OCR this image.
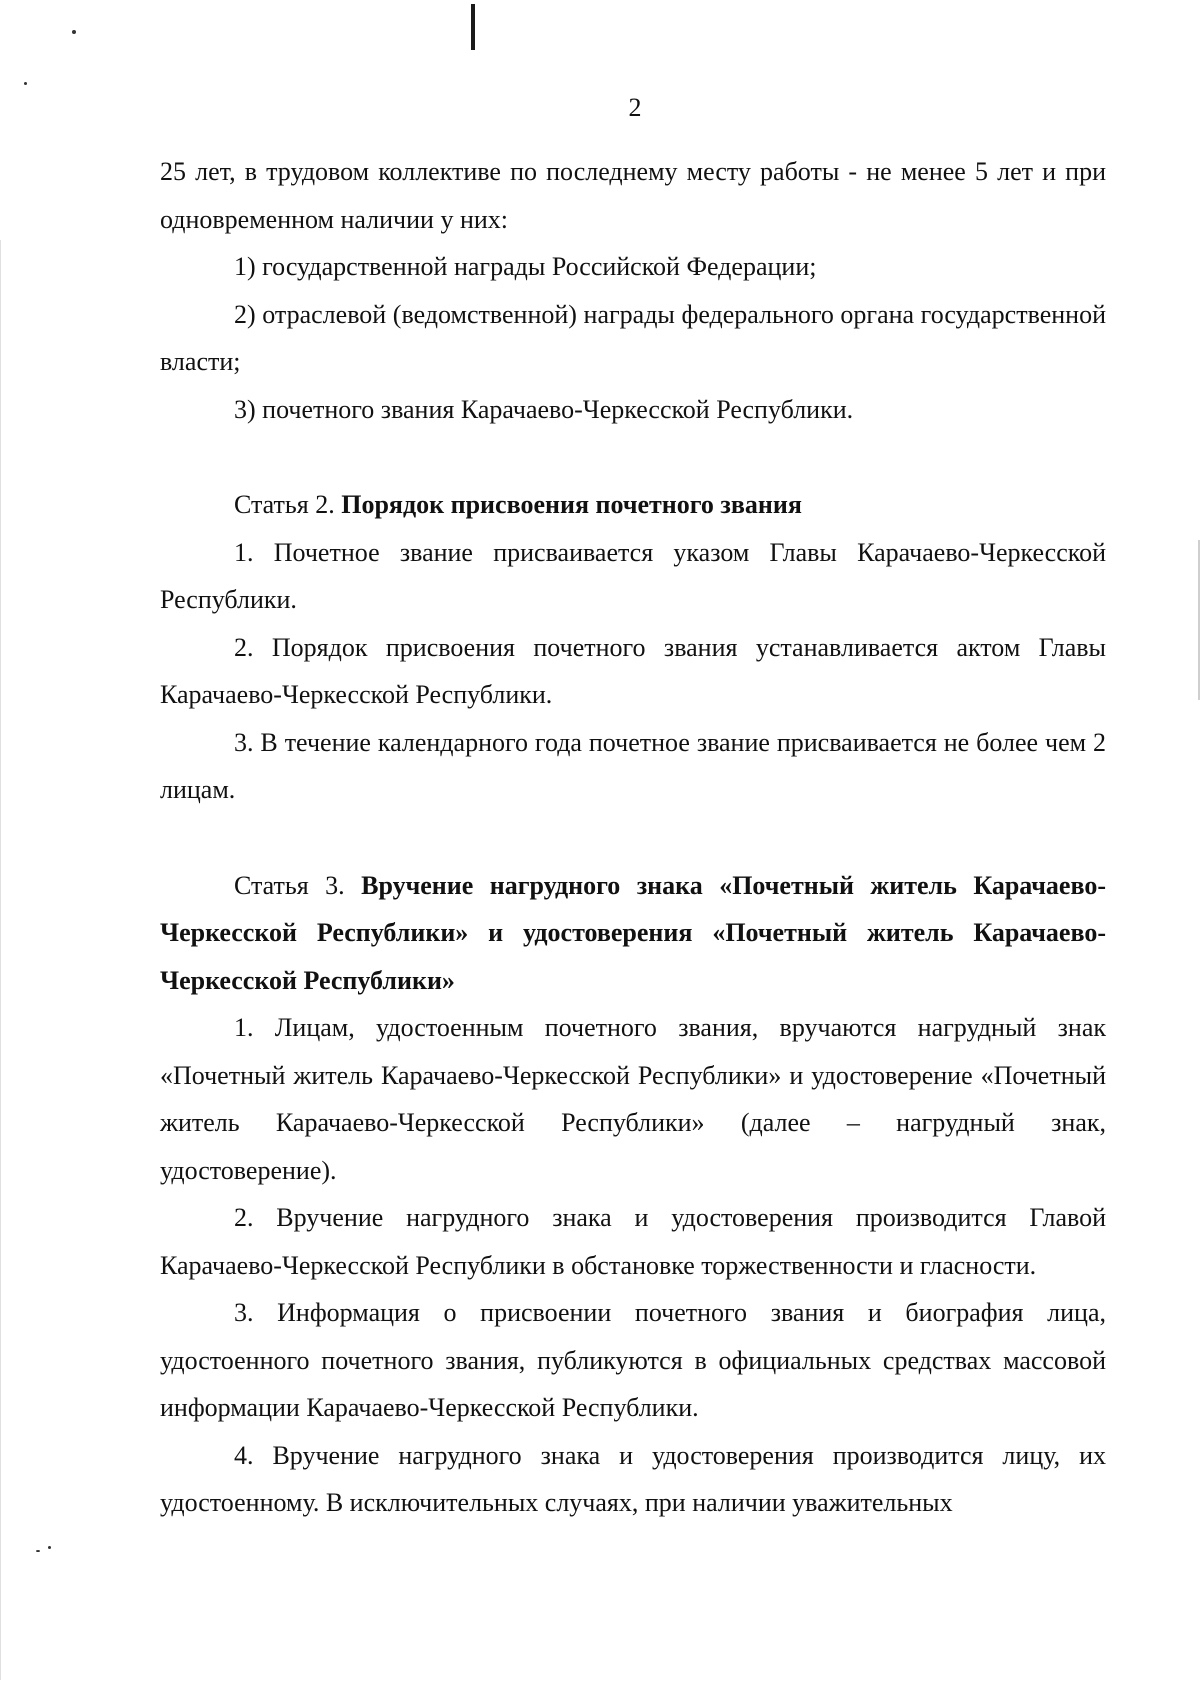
2

25 лет, в трудовом коллективе по последнему месту работы - не менее 5 лет и при одновременном наличии у них:

1) государственной награды Российской Федерации;

2) отраслевой (ведомственной) награды федерального органа государственной власти;

3) почетного звания Карачаево-Черкесской Республики.

Статья 2. Порядок присвоения почетного звания

1. Почетное звание присваивается указом Главы Карачаево-Черкесской Республики.

2. Порядок присвоения почетного звания устанавливается актом Главы Карачаево-Черкесской Республики.

3. В течение календарного года почетное звание присваивается не более чем 2 лицам.

Статья 3. Вручение нагрудного знака «Почетный житель Карачаево-Черкесской Республики» и удостоверения «Почетный житель Карачаево-Черкесской Республики»

1. Лицам, удостоенным почетного звания, вручаются нагрудный знак «Почетный житель Карачаево-Черкесской Республики» и удостоверение «Почетный житель Карачаево-Черкесской Республики» (далее – нагрудный знак, удостоверение).

2. Вручение нагрудного знака и удостоверения производится Главой Карачаево-Черкесской Республики в обстановке торжественности и гласности.

3. Информация о присвоении почетного звания и биография лица, удостоенного почетного звания, публикуются в официальных средствах массовой информации Карачаево-Черкесской Республики.

4. Вручение нагрудного знака и удостоверения производится лицу, их удостоенному. В исключительных случаях, при наличии уважительных
